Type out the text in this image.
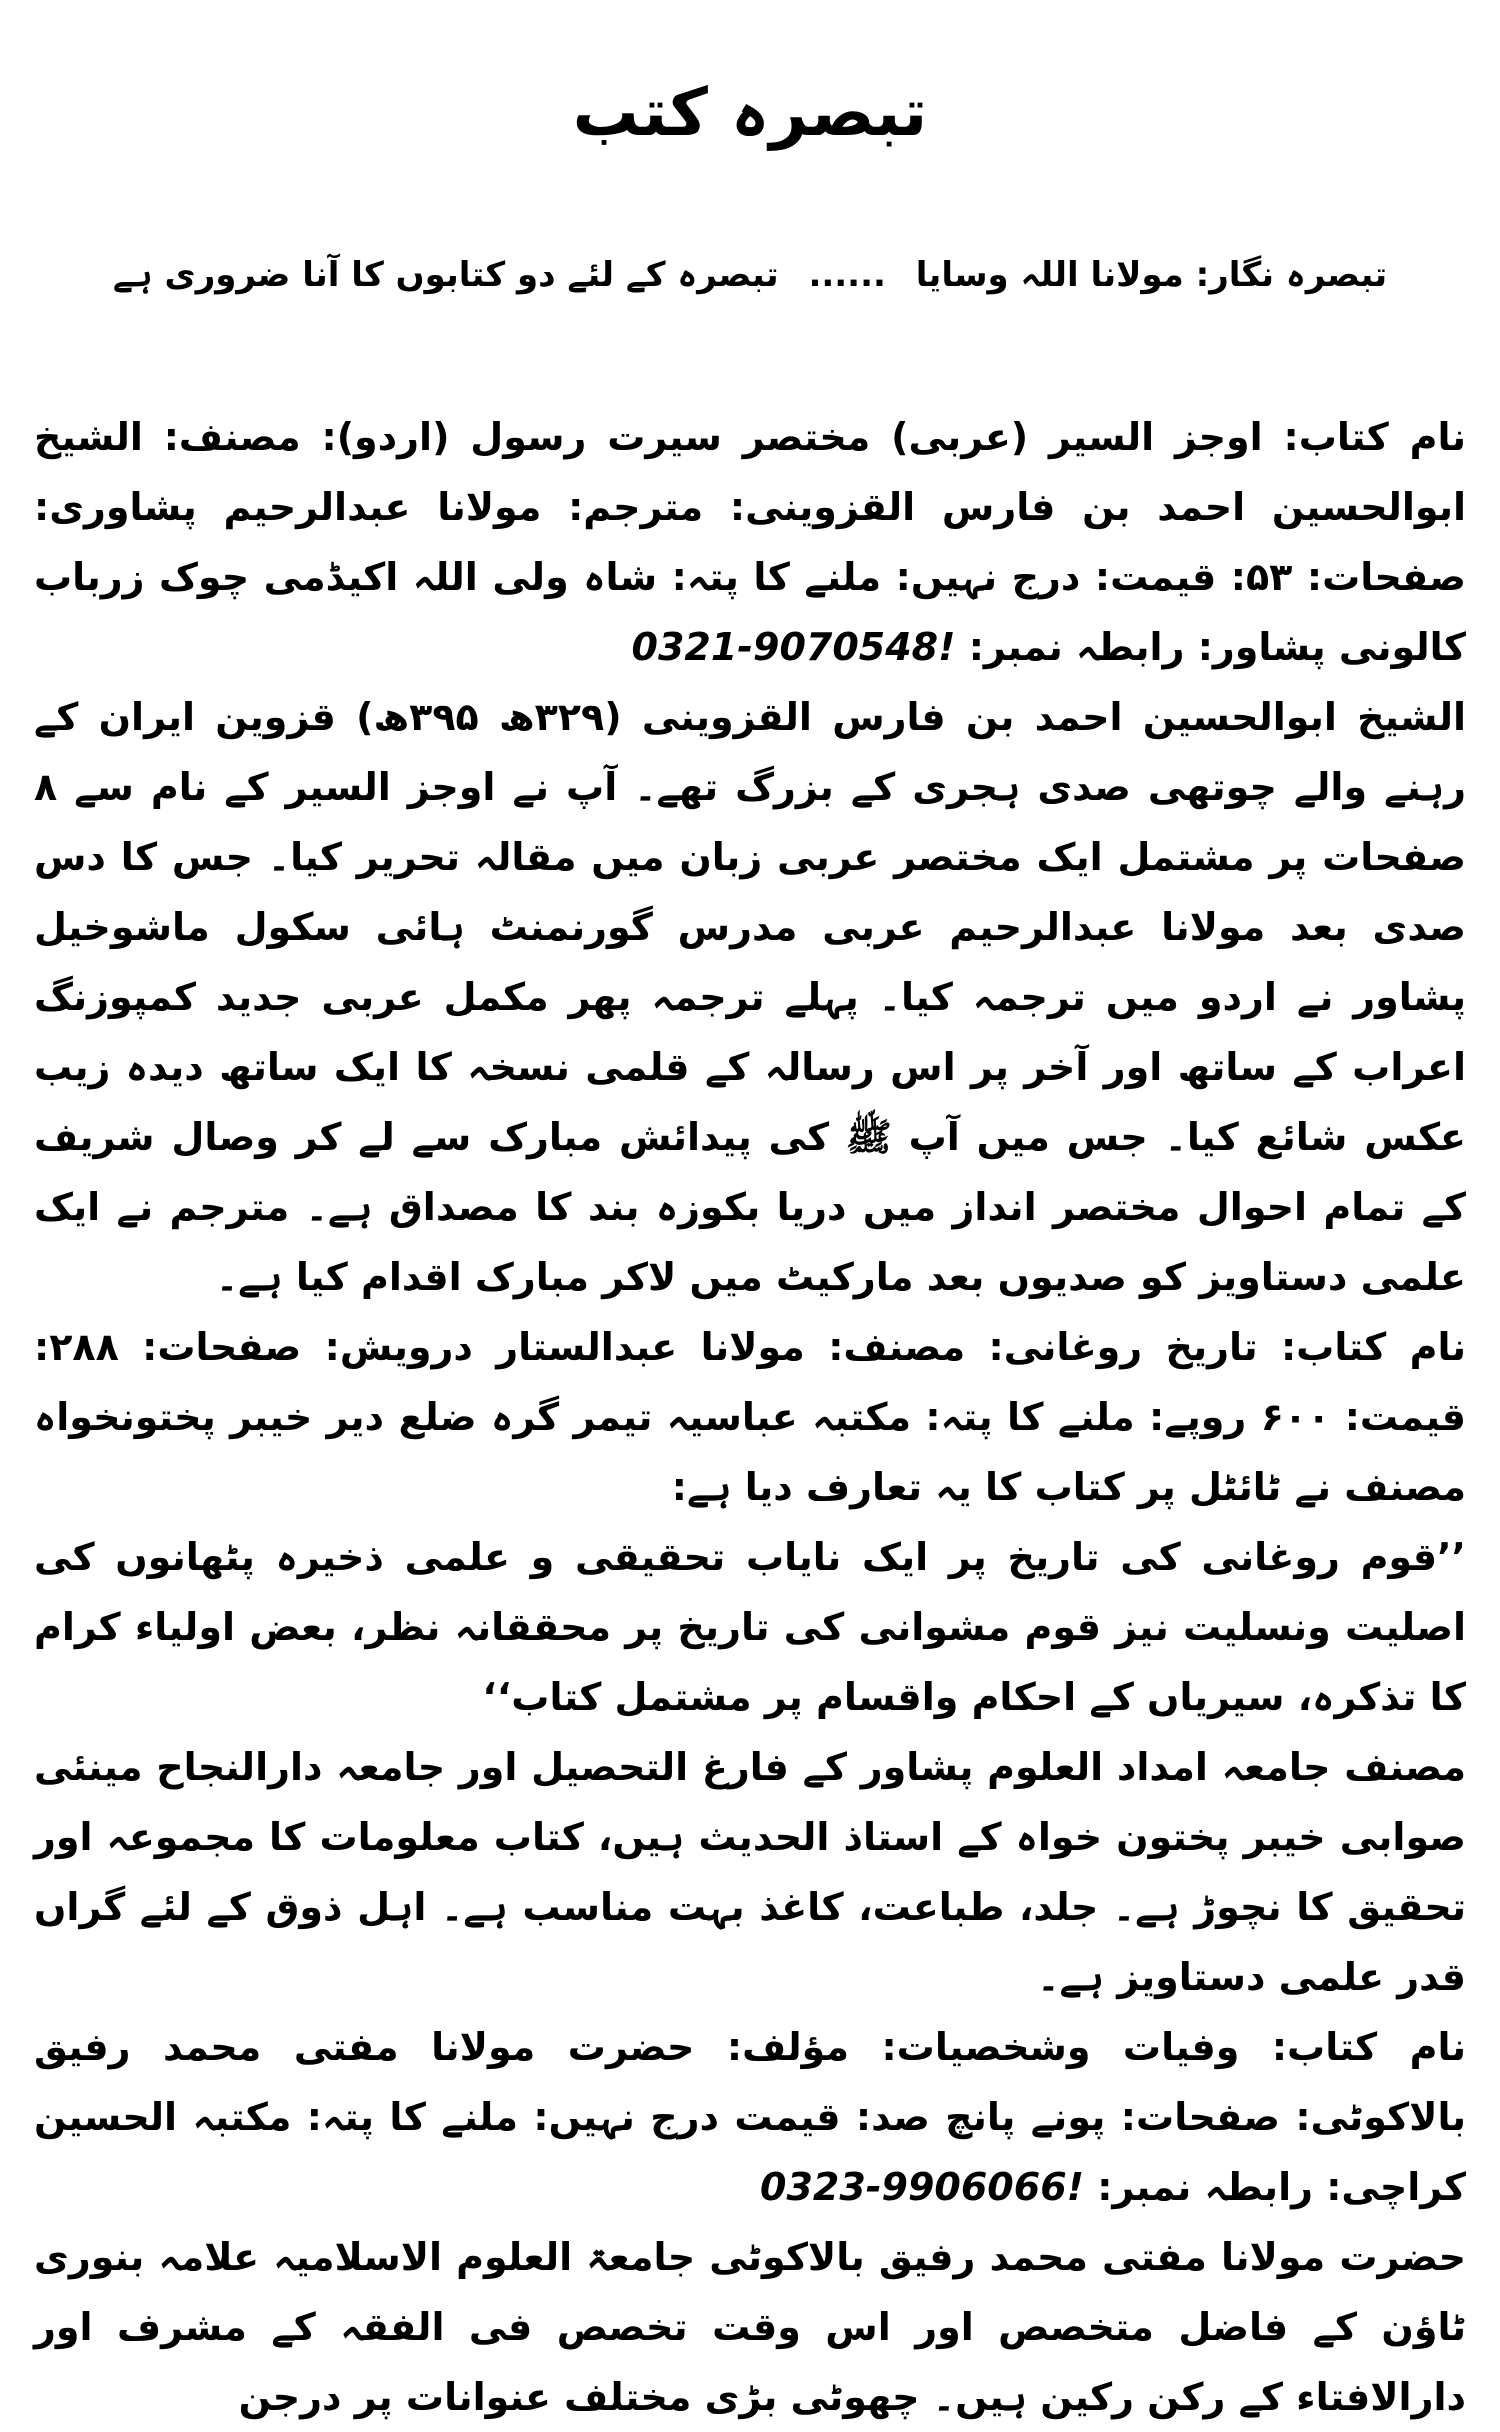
تبصرہ کتب
تبصرہ نگار: مولانا اللہ وسایا ...... تبصرہ کے لئے دو کتابوں کا آنا ضروری ہے

نام کتاب: اوجز السیر (عربی) مختصر سیرت رسول (اردو): مصنف: الشیخ ابوالحسین احمد بن فارس القزوینی: مترجم: مولانا عبدالرحیم پشاوری: صفحات: ۵۳: قیمت: درج نہیں: ملنے کا پتہ: شاہ ولی اللہ اکیڈمی چوک زرباب کالونی پشاور: رابطہ نمبر: 0321-9070548!

الشیخ ابوالحسین احمد بن فارس القزوینی (۳۲۹ھ ۳۹۵ھ) قزوین ایران کے رہنے والے چوتھی صدی ہجری کے بزرگ تھے۔ آپ نے اوجز السیر کے نام سے ۸ صفحات پر مشتمل ایک مختصر عربی زبان میں مقالہ تحریر کیا۔ جس کا دس صدی بعد مولانا عبدالرحیم عربی مدرس گورنمنٹ ہائی سکول ماشوخیل پشاور نے اردو میں ترجمہ کیا۔ پہلے ترجمہ پھر مکمل عربی جدید کمپوزنگ اعراب کے ساتھ اور آخر پر اس رسالہ کے قلمی نسخہ کا ایک ساتھ دیدہ زیب عکس شائع کیا۔ جس میں آپ ﷺ کی پیدائش مبارک سے لے کر وصال شریف کے تمام احوال مختصر انداز میں دریا بکوزہ بند کا مصداق ہے۔ مترجم نے ایک علمی دستاویز کو صدیوں بعد مارکیٹ میں لاکر مبارک اقدام کیا ہے۔

نام کتاب: تاریخ روغانی: مصنف: مولانا عبدالستار درویش: صفحات: ۲۸۸: قیمت: ۶۰۰ روپے: ملنے کا پتہ: مکتبہ عباسیہ تیمر گرہ ضلع دیر خیبر پختونخواہ مصنف نے ٹائٹل پر کتاب کا یہ تعارف دیا ہے:

’’قوم روغانی کی تاریخ پر ایک نایاب تحقیقی و علمی ذخیرہ پٹھانوں کی اصلیت ونسلیت نیز قوم مشوانی کی تاریخ پر محققانہ نظر، بعض اولیاء کرام کا تذکرہ، سیریاں کے احکام واقسام پر مشتمل کتاب‘‘

مصنف جامعہ امداد العلوم پشاور کے فارغ التحصیل اور جامعہ دارالنجاح مینئی صوابی خیبر پختون خواہ کے استاذ الحدیث ہیں، کتاب معلومات کا مجموعہ اور تحقیق کا نچوڑ ہے۔ جلد، طباعت، کاغذ بہت مناسب ہے۔ اہل ذوق کے لئے گراں قدر علمی دستاویز ہے۔

نام کتاب: وفیات وشخصیات: مؤلف: حضرت مولانا مفتی محمد رفیق بالاکوٹی: صفحات: پونے پانچ صد: قیمت درج نہیں: ملنے کا پتہ: مکتبہ الحسین کراچی: رابطہ نمبر: 0323-9906066!

حضرت مولانا مفتی محمد رفیق بالاکوٹی جامعۃ العلوم الاسلامیہ علامہ بنوری ٹاؤن کے فاضل متخصص اور اس وقت تخصص فی الفقہ کے مشرف اور دارالافتاء کے رکن رکین ہیں۔ چھوٹی بڑی مختلف عنوانات پر درجن
